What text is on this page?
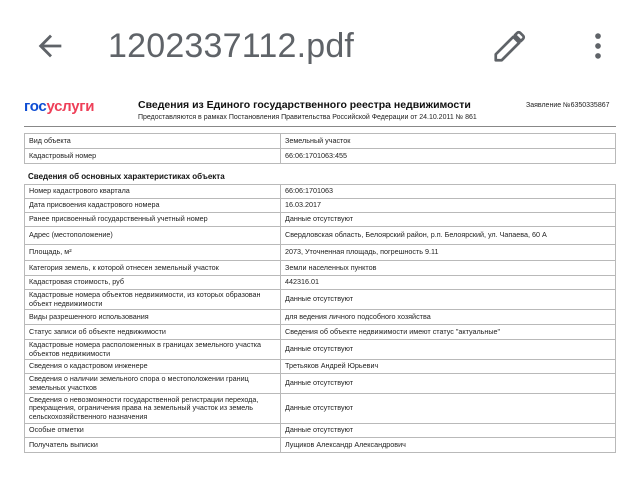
1202337112.pdf
госуслуги	Сведения из Единого государственного реестра недвижимости
Предоставляются в рамках Постановления Правительства Российской Федерации от 24.10.2011 № 861
Заявление №6350335867
Вид объекта	Земельный участок
Кадастровый номер	66:06:1701063:455
Сведения об основных характеристиках объекта
Номер кадастрового квартала	66:06:1701063
Дата присвоения кадастрового номера	16.03.2017
Ранее присвоенный государственный учетный номер	Данные отсутствуют
Адрес (местоположение)	Свердловская область, Белоярский район, р.п. Белоярский, ул. Чапаева, 60 А
Площадь, м²	2073, Уточненная площадь, погрешность 9.11
Категория земель, к которой отнесен земельный участок	Земли населенных пунктов
Кадастровая стоимость, руб	442316.01
Кадастровые номера объектов недвижимости, из которых образован объект недвижимости	Данные отсутствуют
Виды разрешенного использования	для ведения личного подсобного хозяйства
Статус записи об объекте недвижимости	Сведения об объекте недвижимости имеют статус "актуальные"
Кадастровые номера расположенных в границах земельного участка объектов недвижимости	Данные отсутствуют
Сведения о кадастровом инженере	Третьяков Андрей Юрьевич
Сведения о наличии земельного спора о местоположении границ земельных участков	Данные отсутствуют
Сведения о невозможности государственной регистрации перехода, прекращения, ограничения права на земельный участок из земель сельскохозяйственного назначения	Данные отсутствуют
Особые отметки	Данные отсутствуют
Получатель выписки	Лущиков Александр Александрович
